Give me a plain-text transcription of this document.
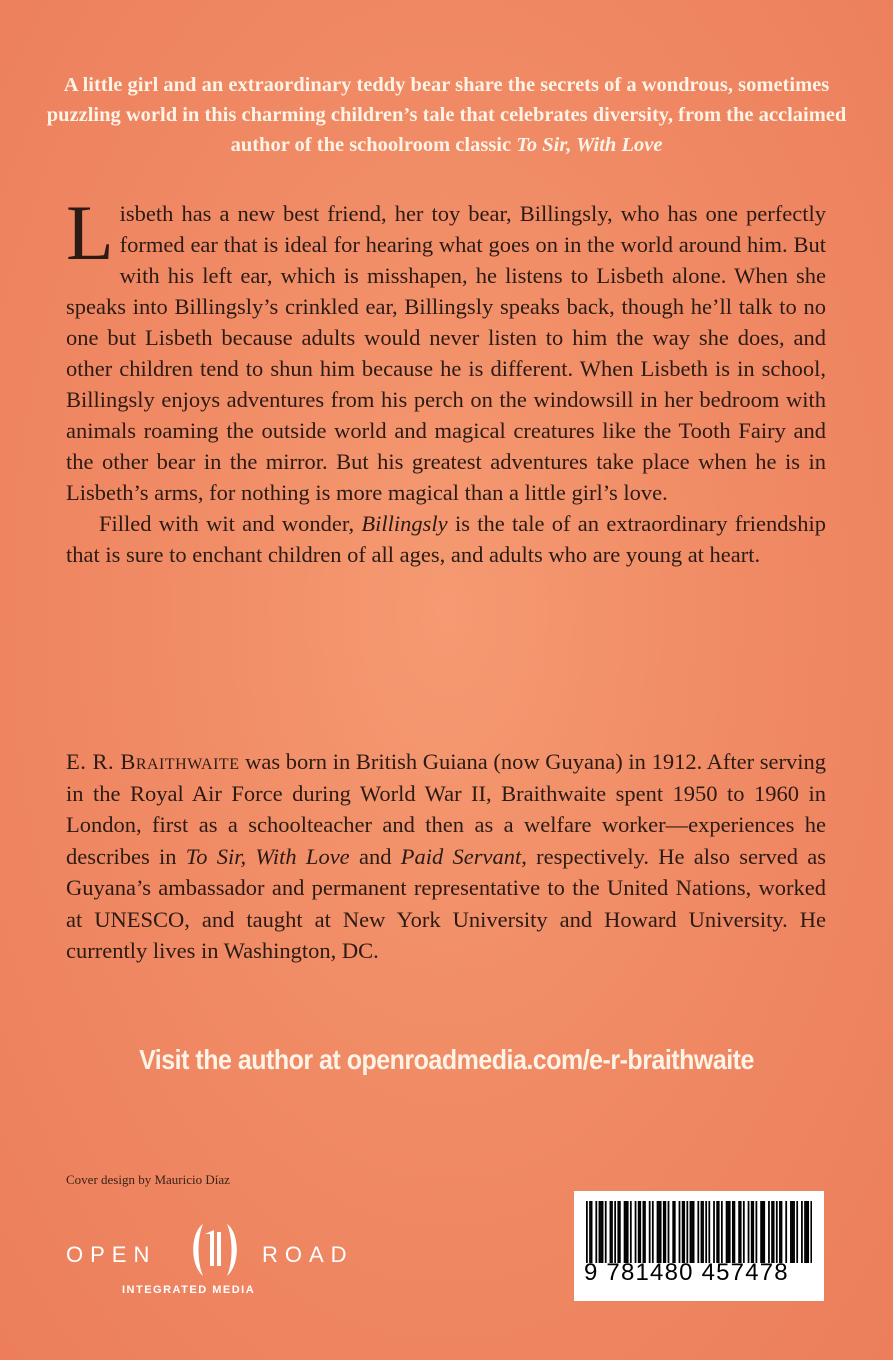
A little girl and an extraordinary teddy bear share the secrets of a wondrous, sometimes puzzling world in this charming children’s tale that celebrates diversity, from the acclaimed author of the schoolroom classic To Sir, With Love

Lisbeth has a new best friend, her toy bear, Billingsly, who has one perfectly formed ear that is ideal for hearing what goes on in the world around him. But with his left ear, which is misshapen, he listens to Lisbeth alone. When she speaks into Billingsly’s crinkled ear, Billingsly speaks back, though he’ll talk to no one but Lisbeth because adults would never listen to him the way she does, and other children tend to shun him because he is different. When Lisbeth is in school, Billingsly enjoys adventures from his perch on the windowsill in her bedroom with animals roaming the outside world and magical creatures like the Tooth Fairy and the other bear in the mirror. But his greatest adventures take place when he is in Lisbeth’s arms, for nothing is more magical than a little girl’s love.

Filled with wit and wonder, Billingsly is the tale of an extraordinary friendship that is sure to enchant children of all ages, and adults who are young at heart.

E. R. Braithwaite was born in British Guiana (now Guyana) in 1912. After serving in the Royal Air Force during World War II, Braithwaite spent 1950 to 1960 in London, first as a schoolteacher and then as a welfare worker—experiences he describes in To Sir, With Love and Paid Servant, respectively. He also served as Guyana’s ambassador and permanent representative to the United Nations, worked at UNESCO, and taught at New York University and Howard University. He currently lives in Washington, DC.
Visit the author at openroadmedia.com/e-r-braithwaite
Cover design by Mauricio Díaz
OPEN	ROAD
INTEGRATED MEDIA
9 781480 457478
